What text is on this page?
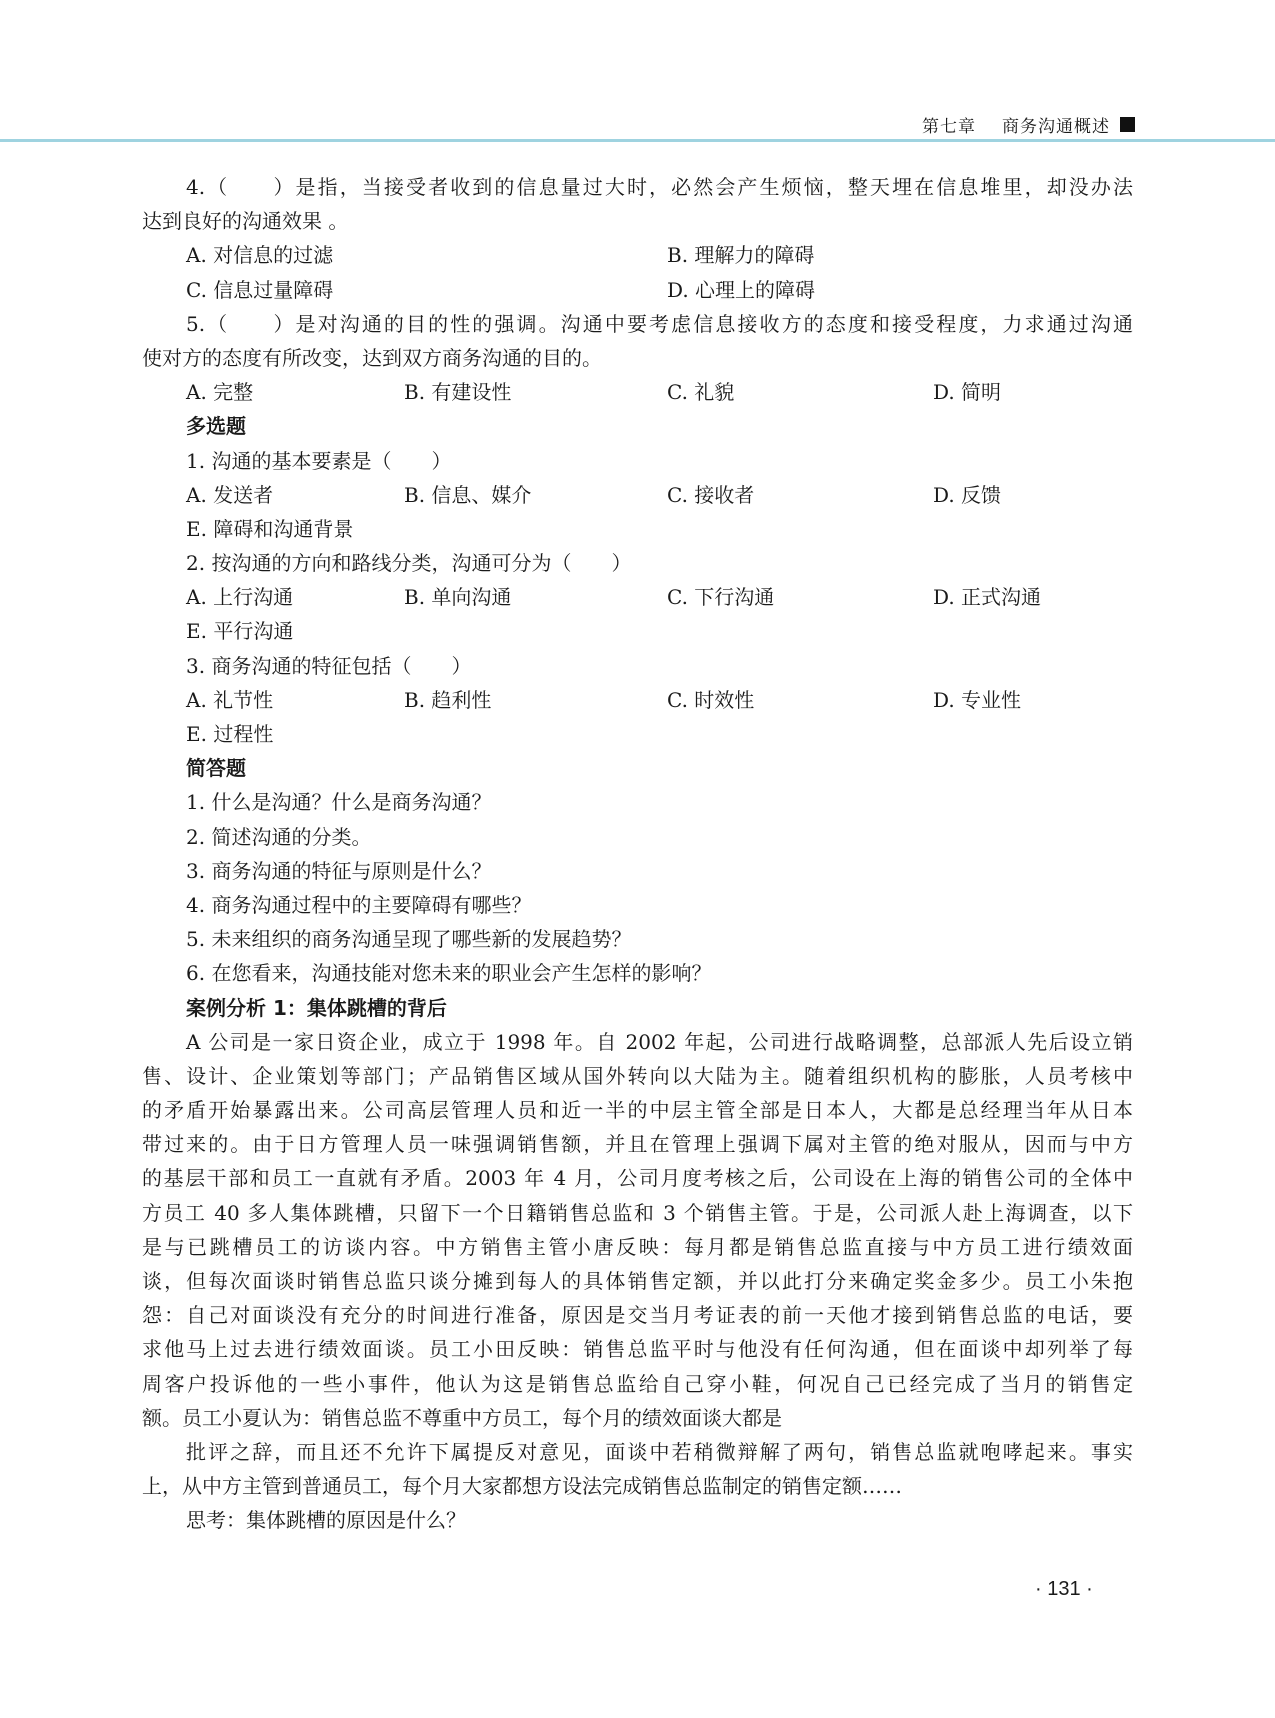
第七章 商务沟通概述
4.（　　）是指，当接受者收到的信息量过大时，必然会产生烦恼，整天埋在信息堆里，却没办法
达到良好的沟通效果 。
A. 对信息的过滤	B. 理解力的障碍
C. 信息过量障碍	D. 心理上的障碍
5.（　　）是对沟通的目的性的强调。沟通中要考虑信息接收方的态度和接受程度，力求通过沟通
使对方的态度有所改变，达到双方商务沟通的目的。
A. 完整	B. 有建设性	C. 礼貌	D. 简明
多选题
1. 沟通的基本要素是（　　）
A. 发送者	B. 信息、媒介	C. 接收者	D. 反馈
E. 障碍和沟通背景
2. 按沟通的方向和路线分类，沟通可分为（　　）
A. 上行沟通	B. 单向沟通	C. 下行沟通	D. 正式沟通
E. 平行沟通
3. 商务沟通的特征包括（　　）
A. 礼节性	B. 趋利性	C. 时效性	D. 专业性
E. 过程性
简答题
1. 什么是沟通？什么是商务沟通？
2. 简述沟通的分类。
3. 商务沟通的特征与原则是什么？
4. 商务沟通过程中的主要障碍有哪些？
5. 未来组织的商务沟通呈现了哪些新的发展趋势？
6. 在您看来，沟通技能对您未来的职业会产生怎样的影响？
案例分析 1：集体跳槽的背后
A 公司是一家日资企业，成立于 1998 年。自 2002 年起，公司进行战略调整，总部派人先后设立销
售、设计、企业策划等部门；产品销售区域从国外转向以大陆为主。随着组织机构的膨胀，人员考核中
的矛盾开始暴露出来。公司高层管理人员和近一半的中层主管全部是日本人，大都是总经理当年从日本
带过来的。由于日方管理人员一味强调销售额，并且在管理上强调下属对主管的绝对服从，因而与中方
的基层干部和员工一直就有矛盾。2003 年 4 月，公司月度考核之后，公司设在上海的销售公司的全体中
方员工 40 多人集体跳槽，只留下一个日籍销售总监和 3 个销售主管。于是，公司派人赴上海调查，以下
是与已跳槽员工的访谈内容。中方销售主管小唐反映：每月都是销售总监直接与中方员工进行绩效面
谈，但每次面谈时销售总监只谈分摊到每人的具体销售定额，并以此打分来确定奖金多少。员工小朱抱
怨：自己对面谈没有充分的时间进行准备，原因是交当月考证表的前一天他才接到销售总监的电话，要
求他马上过去进行绩效面谈。员工小田反映：销售总监平时与他没有任何沟通，但在面谈中却列举了每
周客户投诉他的一些小事件，他认为这是销售总监给自己穿小鞋，何况自己已经完成了当月的销售定
额。员工小夏认为：销售总监不尊重中方员工，每个月的绩效面谈大都是
批评之辞，而且还不允许下属提反对意见，面谈中若稍微辩解了两句，销售总监就咆哮起来。事实
上，从中方主管到普通员工，每个月大家都想方设法完成销售总监制定的销售定额……
思考：集体跳槽的原因是什么？
· 131 ·
